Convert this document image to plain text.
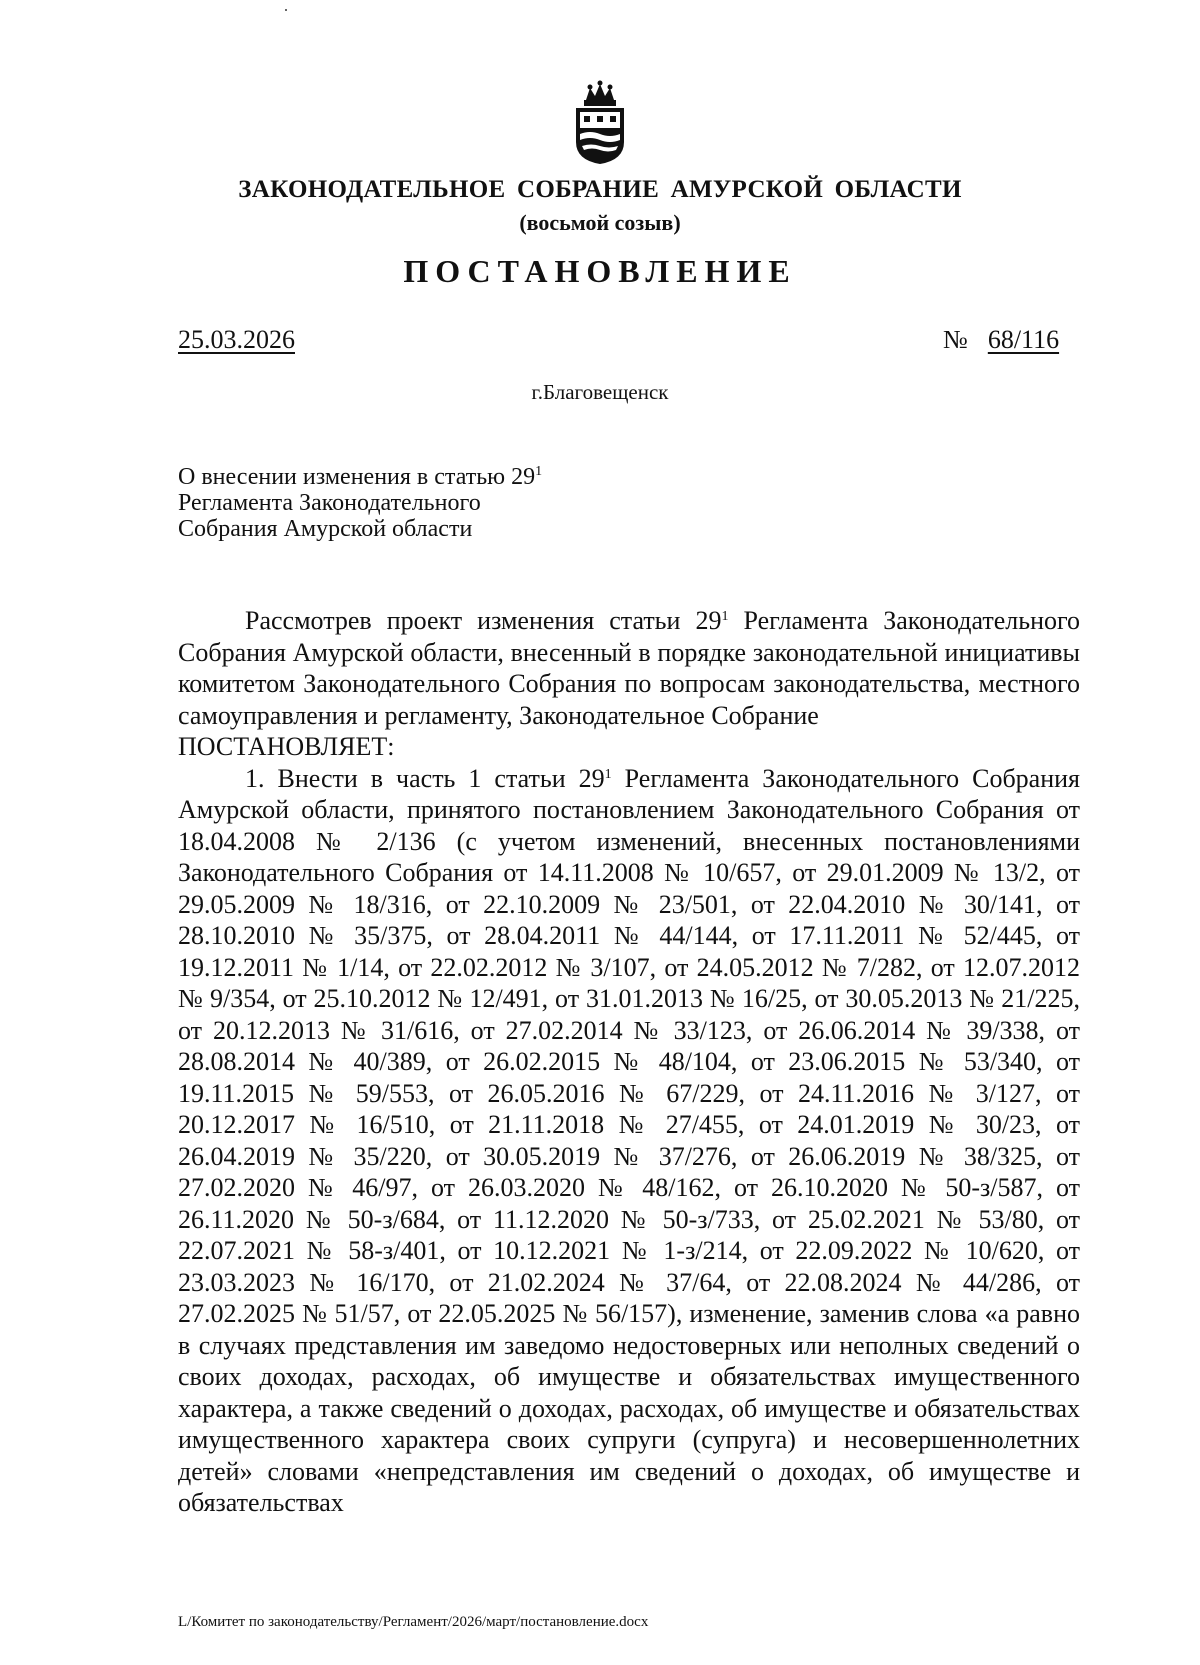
ЗАКОНОДАТЕЛЬНОЕ СОБРАНИЕ АМУРСКОЙ ОБЛАСТИ
(восьмой созыв)
ПОСТАНОВЛЕНИЕ
25.03.2026	№ 68/116
г.Благовещенск
О внесении изменения в статью $29^1$
Регламента Законодательного
Собрания Амурской области

Рассмотрев проект изменения статьи $29^1$ Регламента Законодательного Собрания Амурской области, внесенный в порядке законодательной инициативы комитетом Законодательного Собрания по вопросам законодательства, местного самоуправления и регламенту, Законодательное Собрание

ПОСТАНОВЛЯЕТ:

1. Внести в часть 1 статьи $29^1$ Регламента Законодательного Собрания Амурской области, принятого постановлением Законодательного Собрания от 18.04.2008 № 2/136 (с учетом изменений, внесенных постановлениями Законодательного Собрания от 14.11.2008 № 10/657, от 29.01.2009 № 13/2, от 29.05.2009 № 18/316, от 22.10.2009 № 23/501, от 22.04.2010 № 30/141, от 28.10.2010 № 35/375, от 28.04.2011 № 44/144, от 17.11.2011 № 52/445, от 19.12.2011 № 1/14, от 22.02.2012 № 3/107, от 24.05.2012 № 7/282, от 12.07.2012 № 9/354, от 25.10.2012 № 12/491, от 31.01.2013 № 16/25, от 30.05.2013 № 21/225, от 20.12.2013 № 31/616, от 27.02.2014 № 33/123, от 26.06.2014 № 39/338, от 28.08.2014 № 40/389, от 26.02.2015 № 48/104, от 23.06.2015 № 53/340, от 19.11.2015 № 59/553, от 26.05.2016 № 67/229, от 24.11.2016 № 3/127, от 20.12.2017 № 16/510, от 21.11.2018 № 27/455, от 24.01.2019 № 30/23, от 26.04.2019 № 35/220, от 30.05.2019 № 37/276, от 26.06.2019 № 38/325, от 27.02.2020 № 46/97, от 26.03.2020 № 48/162, от 26.10.2020 № 50-з/587, от 26.11.2020 № 50-з/684, от 11.12.2020 № 50-з/733, от 25.02.2021 № 53/80, от 22.07.2021 № 58-з/401, от 10.12.2021 № 1-з/214, от 22.09.2022 № 10/620, от 23.03.2023 № 16/170, от 21.02.2024 № 37/64, от 22.08.2024 № 44/286, от 27.02.2025 № 51/57, от 22.05.2025 № 56/157), изменение, заменив слова «а равно в случаях представления им заведомо недостоверных или неполных сведений о своих доходах, расходах, об имуществе и обязательствах имущественного характера, а также сведений о доходах, расходах, об имуществе и обязательствах имущественного характера своих супруги (супруга) и несовершеннолетних детей» словами «непредставления им сведений о доходах, об имуществе и обязательствах

L/Комитет по законодательству/Регламент/2026/март/постановление.docx
